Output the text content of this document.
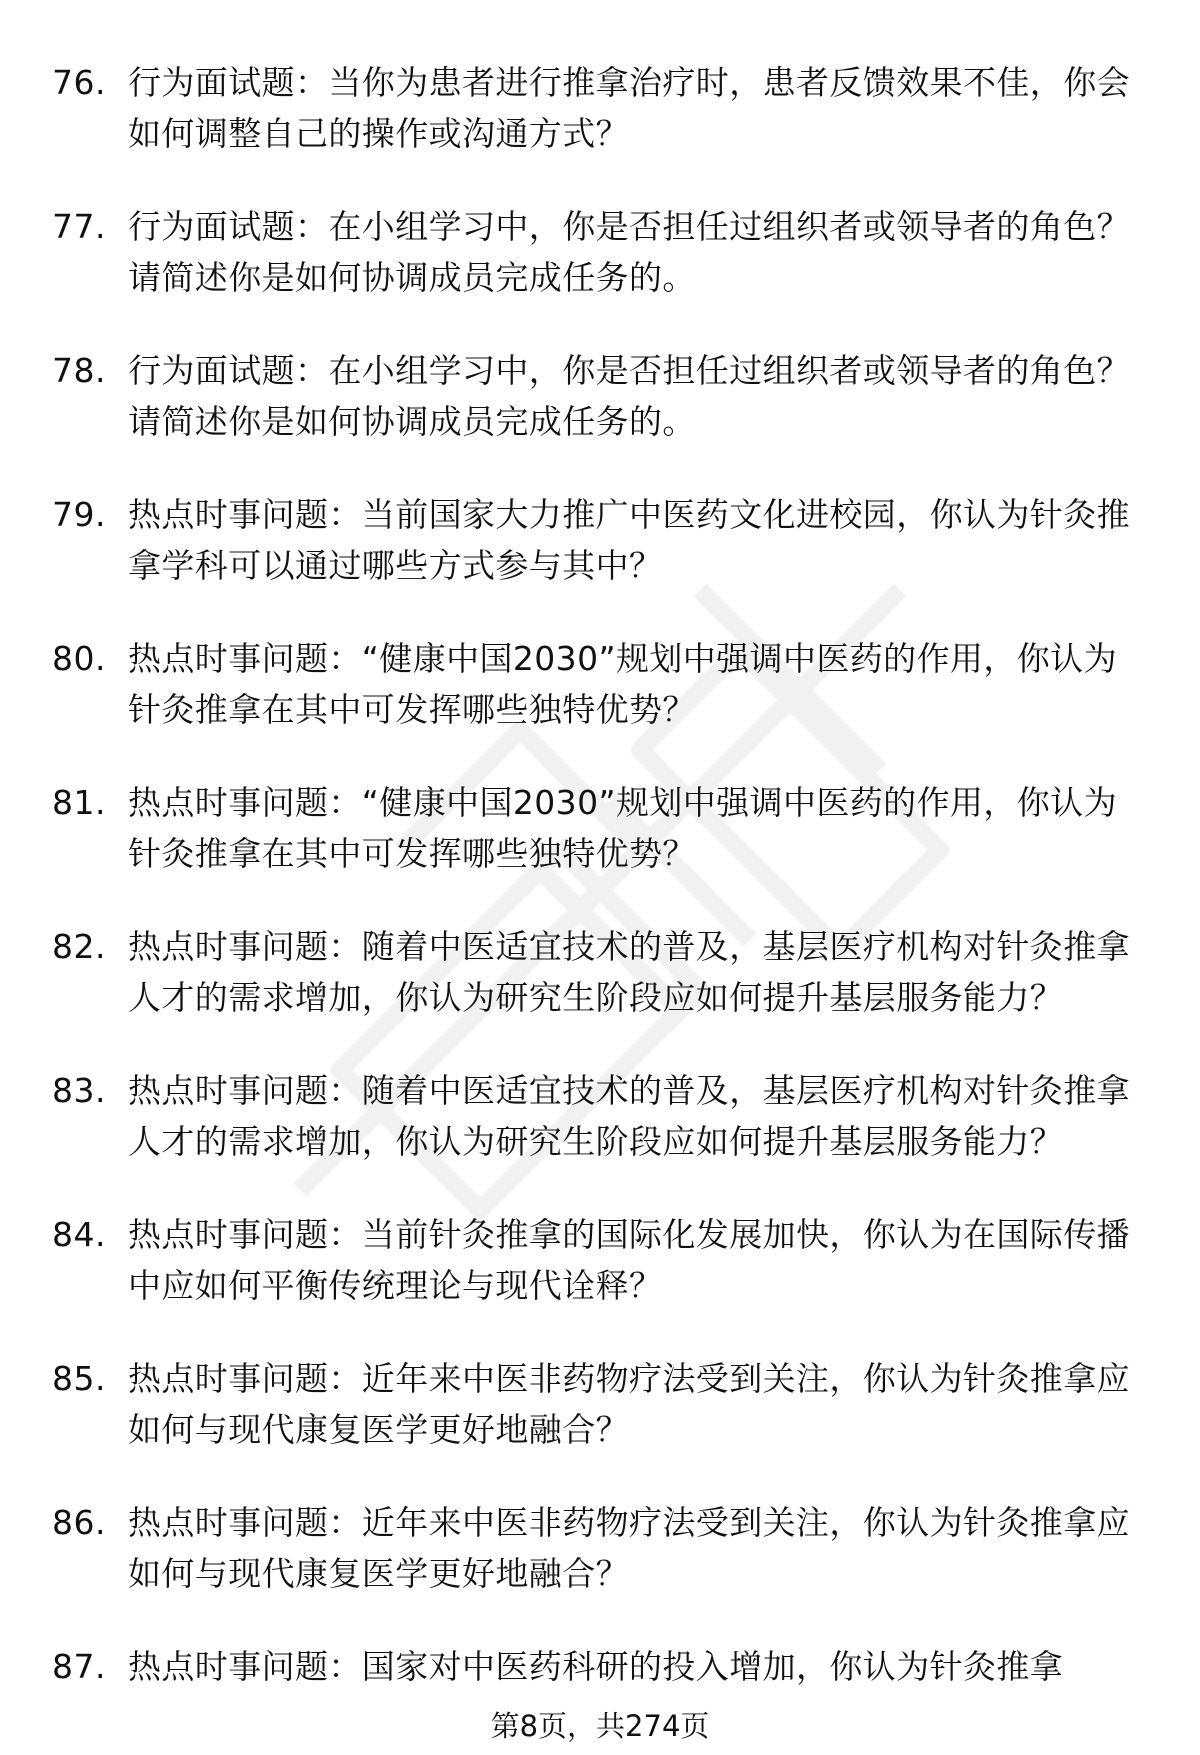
76. 行为面试题：当你为患者进行推拿治疗时，患者反馈效果不佳，你会如何调整自己的操作或沟通方式？
77. 行为面试题：在小组学习中，你是否担任过组织者或领导者的角色？请简述你是如何协调成员完成任务的。
78. 行为面试题：在小组学习中，你是否担任过组织者或领导者的角色？请简述你是如何协调成员完成任务的。
79. 热点时事问题：当前国家大力推广中医药文化进校园，你认为针灸推拿学科可以通过哪些方式参与其中？
80. 热点时事问题：“健康中国2030”规划中强调中医药的作用，你认为针灸推拿在其中可发挥哪些独特优势？
81. 热点时事问题：“健康中国2030”规划中强调中医药的作用，你认为针灸推拿在其中可发挥哪些独特优势？
82. 热点时事问题：随着中医适宜技术的普及，基层医疗机构对针灸推拿人才的需求增加，你认为研究生阶段应如何提升基层服务能力？
83. 热点时事问题：随着中医适宜技术的普及，基层医疗机构对针灸推拿人才的需求增加，你认为研究生阶段应如何提升基层服务能力？
84. 热点时事问题：当前针灸推拿的国际化发展加快，你认为在国际传播中应如何平衡传统理论与现代诠释？
85. 热点时事问题：近年来中医非药物疗法受到关注，你认为针灸推拿应如何与现代康复医学更好地融合？
86. 热点时事问题：近年来中医非药物疗法受到关注，你认为针灸推拿应如何与现代康复医学更好地融合？
87. 热点时事问题：国家对中医药科研的投入增加，你认为针灸推拿
第8页，共274页
